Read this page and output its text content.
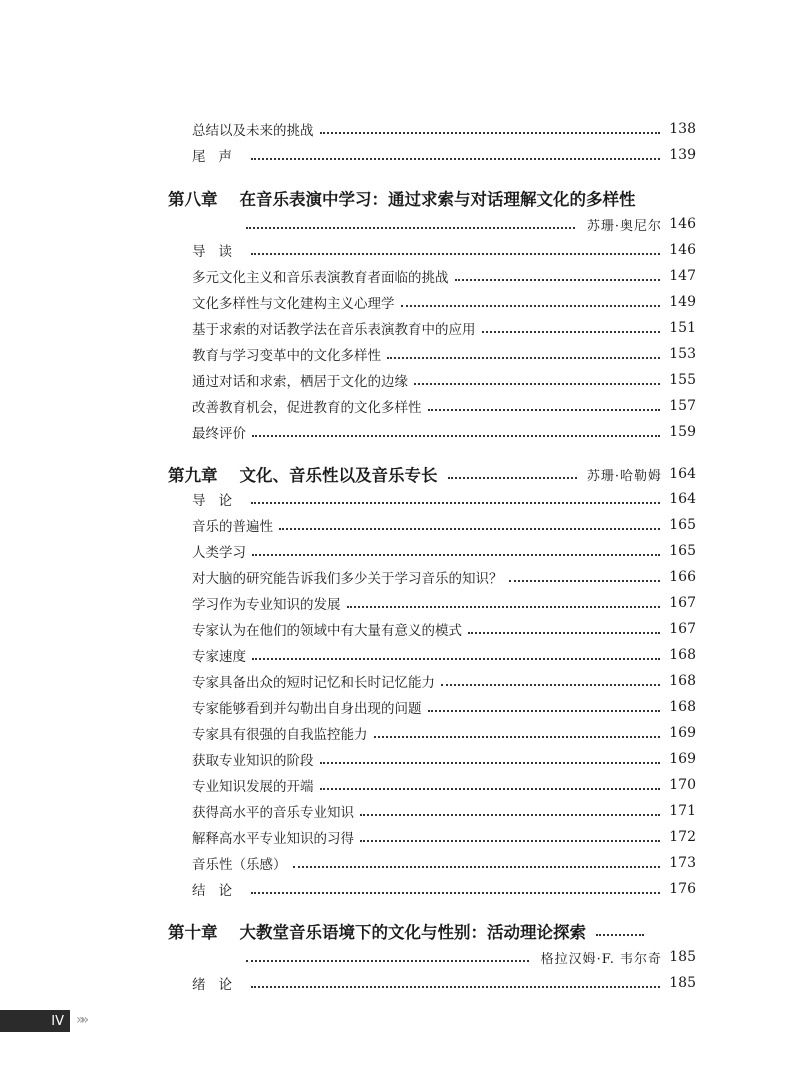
总结以及未来的挑战	138
尾声	139
第八章 在音乐表演中学习：通过求索与对话理解文化的多样性
苏珊·奥尼尔 146
导读	146
多元文化主义和音乐表演教育者面临的挑战	147
文化多样性与文化建构主义心理学	149
基于求索的对话教学法在音乐表演教育中的应用	151
教育与学习变革中的文化多样性	153
通过对话和求索，栖居于文化的边缘	155
改善教育机会，促进教育的文化多样性	157
最终评价	159
第九章 文化、音乐性以及音乐专长	苏珊·哈勒姆 164
导论	164
音乐的普遍性	165
人类学习	165
对大脑的研究能告诉我们多少关于学习音乐的知识？	166
学习作为专业知识的发展	167
专家认为在他们的领域中有大量有意义的模式	167
专家速度	168
专家具备出众的短时记忆和长时记忆能力	168
专家能够看到并勾勒出自身出现的问题	168
专家具有很强的自我监控能力	169
获取专业知识的阶段	169
专业知识发展的开端	170
获得高水平的音乐专业知识	171
解释高水平专业知识的习得	172
音乐性（乐感）	173
结论	176
第十章 大教堂音乐语境下的文化与性别：活动理论探索
格拉汉姆·F. 韦尔奇 185
绪论	185
IV »»
